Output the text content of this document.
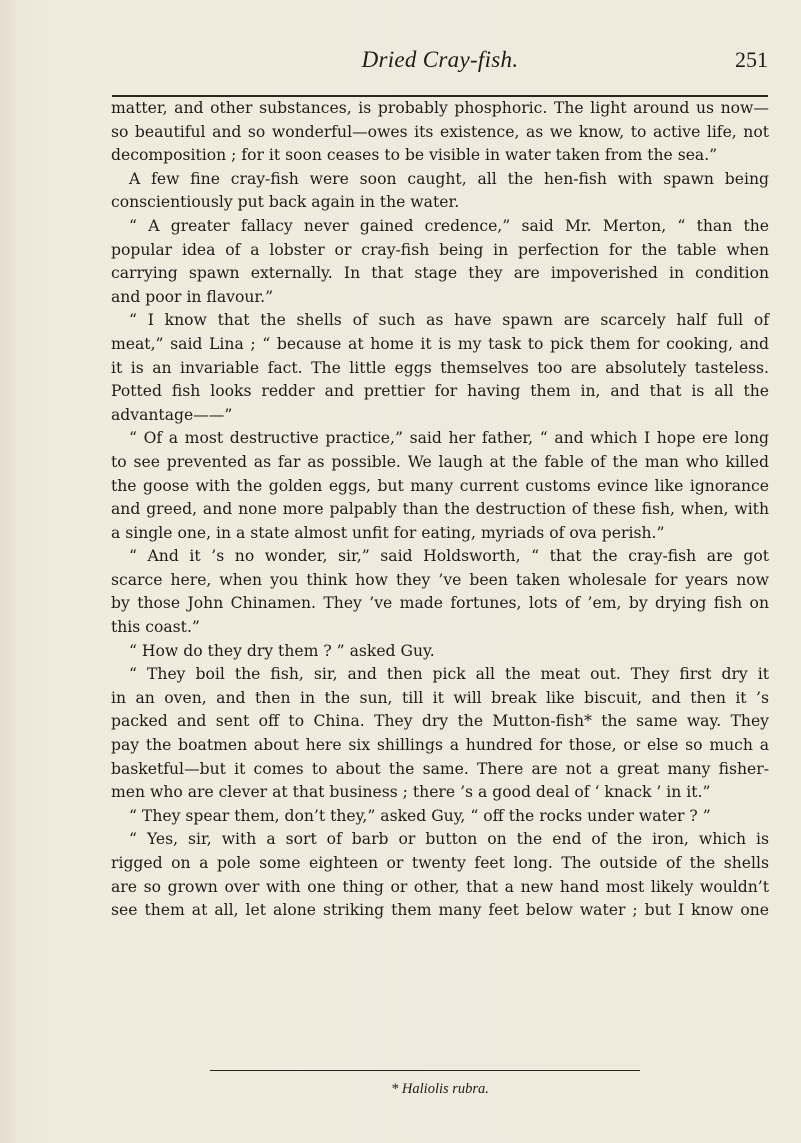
Dried Cray-fish.	251
matter, and other substances, is probably phosphoric. The light around us now—
so beautiful and so wonderful—owes its existence, as we know, to active life, not
decomposition ; for it soon ceases to be visible in water taken from the sea.”
A few fine cray-fish were soon caught, all the hen-fish with spawn being
conscientiously put back again in the water.
“ A greater fallacy never gained credence,” said Mr. Merton, “ than the
popular idea of a lobster or cray-fish being in perfection for the table when
carrying spawn externally. In that stage they are impoverished in condition
and poor in flavour.”
“ I know that the shells of such as have spawn are scarcely half full of
meat,” said Lina ; “ because at home it is my task to pick them for cooking, and
it is an invariable fact. The little eggs themselves too are absolutely tasteless.
Potted fish looks redder and prettier for having them in, and that is all the
advantage——”
“ Of a most destructive practice,” said her father, “ and which I hope ere long
to see prevented as far as possible. We laugh at the fable of the man who killed
the goose with the golden eggs, but many current customs evince like ignorance
and greed, and none more palpably than the destruction of these fish, when, with
a single one, in a state almost unfit for eating, myriads of ova perish.”
“ And it ’s no wonder, sir,” said Holdsworth, “ that the cray-fish are got
scarce here, when you think how they ’ve been taken wholesale for years now
by those John Chinamen. They ’ve made fortunes, lots of ’em, by drying fish on
this coast.”
“ How do they dry them ? ” asked Guy.
“ They boil the fish, sir, and then pick all the meat out. They first dry it
in an oven, and then in the sun, till it will break like biscuit, and then it ’s
packed and sent off to China. They dry the Mutton-fish* the same way. They
pay the boatmen about here six shillings a hundred for those, or else so much a
basketful—but it comes to about the same. There are not a great many fisher-
men who are clever at that business ; there ’s a good deal of ‘ knack ’ in it.”
“ They spear them, don’t they,” asked Guy, “ off the rocks under water ? ”
“ Yes, sir, with a sort of barb or button on the end of the iron, which is
rigged on a pole some eighteen or twenty feet long. The outside of the shells
are so grown over with one thing or other, that a new hand most likely wouldn’t
see them at all, let alone striking them many feet below water ; but I know one
* Haliolis rubra.
